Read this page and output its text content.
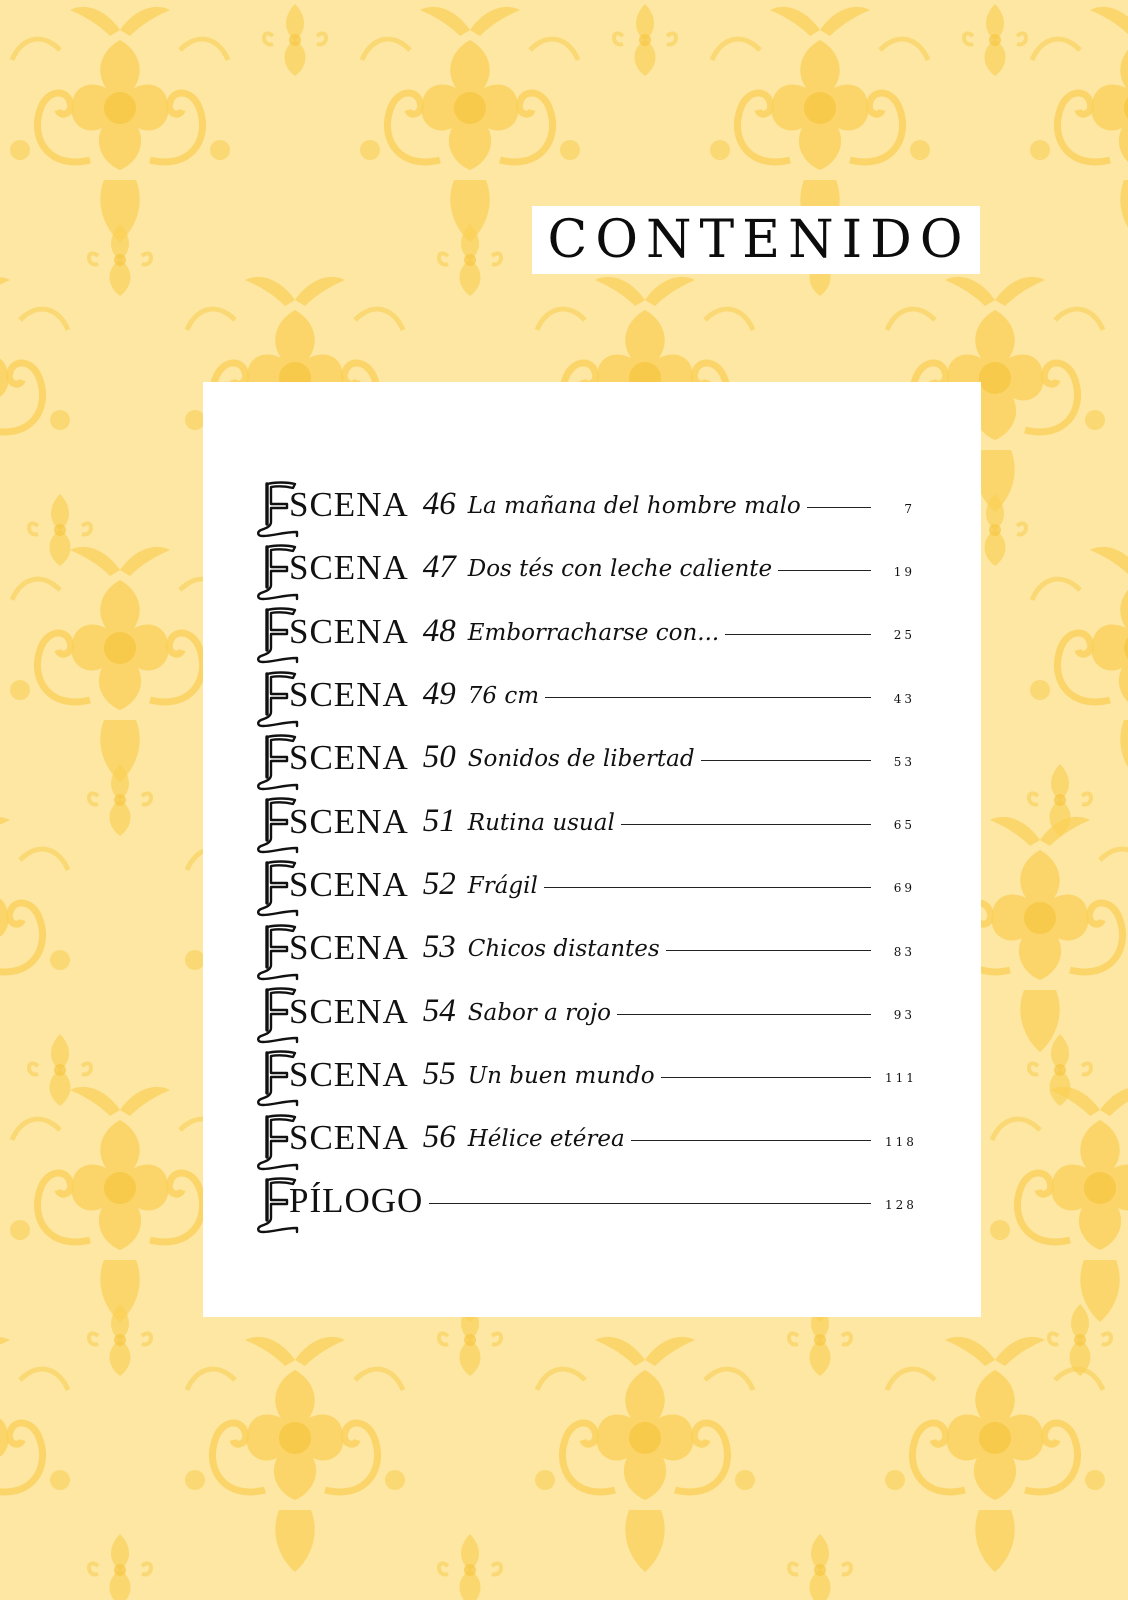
CONTENIDO
SCENA 46 La mañana del hombre malo	7
SCENA 47 Dos tés con leche caliente	19
SCENA 48 Emborracharse con...	25
SCENA 49 76 cm	43
SCENA 50 Sonidos de libertad	53
SCENA 51 Rutina usual	65
SCENA 52 Frágil	69
SCENA 53 Chicos distantes	83
SCENA 54 Sabor a rojo	93
SCENA 55 Un buen mundo	111
SCENA 56 Hélice etérea	118
PÍLOGO	128
